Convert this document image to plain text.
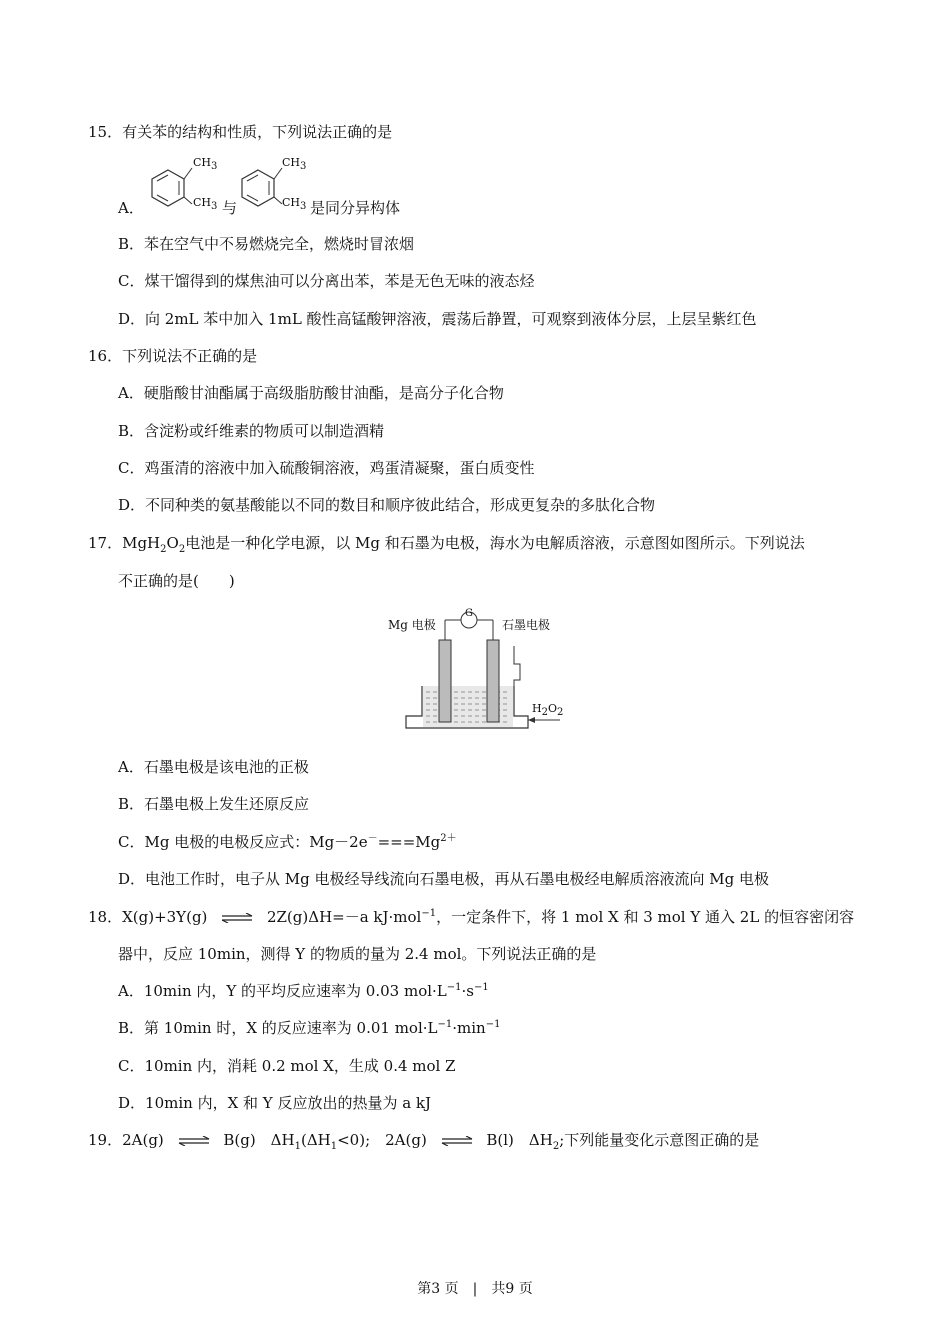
15．有关苯的结构和性质，下列说法正确的是
A．
$CH_3$
$CH_3$ 与
$CH_3$
$CH_3$ 是同分异构体
B．苯在空气中不易燃烧完全，燃烧时冒浓烟
C．煤干馏得到的煤焦油可以分离出苯，苯是无色无味的液态烃
D．向 2mL 苯中加入 1mL 酸性高锰酸钾溶液，震荡后静置，可观察到液体分层，上层呈紫红色
16．下列说法不正确的是
A．硬脂酸甘油酯属于高级脂肪酸甘油酯，是高分子化合物
B．含淀粉或纤维素的物质可以制造酒精
C．鸡蛋清的溶液中加入硫酸铜溶液，鸡蛋清凝聚，蛋白质变性
D．不同种类的氨基酸能以不同的数目和顺序彼此结合，形成更复杂的多肽化合物
17．$MgH_2O_2$电池是一种化学电源，以 Mg 和石墨为电极，海水为电解质溶液，示意图如图所示。下列说法
不正确的是(　　)
Mg 电极
G
石墨电极
$H_2O_2$
A．石墨电极是该电池的正极
B．石墨电极上发生还原反应
C．Mg 电极的电极反应式：$Mg-2e^-===Mg^{2+}$
D．电池工作时，电子从 Mg 电极经导线流向石墨电极，再从石墨电极经电解质溶液流向 Mg 电极
18．X(g)+3Y(g) ⇌ 2Z(g)ΔH=－a kJ·mol$^{-1}$，一定条件下，将 1 mol X 和 3 mol Y 通入 2L 的恒容密闭容
器中，反应 10min，测得 Y 的物质的量为 2.4 mol。下列说法正确的是
A．10min 内，Y 的平均反应速率为 0.03 $mol\cdot L^{-1}\cdot s^{-1}$
B．第 10min 时，X 的反应速率为 0.01 $mol\cdot L^{-1}\cdot\min^{-1}$
C．10min 内，消耗 0.2 mol X，生成 0.4 mol Z
D．10min 内，X 和 Y 反应放出的热量为 a kJ
19．2A(g) ⇌ B(g)　$\Delta H_1(\Delta H_1<0)$;　2A(g) ⇌ B(l)　$\Delta H_2$;下列能量变化示意图正确的是
第3 页　|　共9 页
